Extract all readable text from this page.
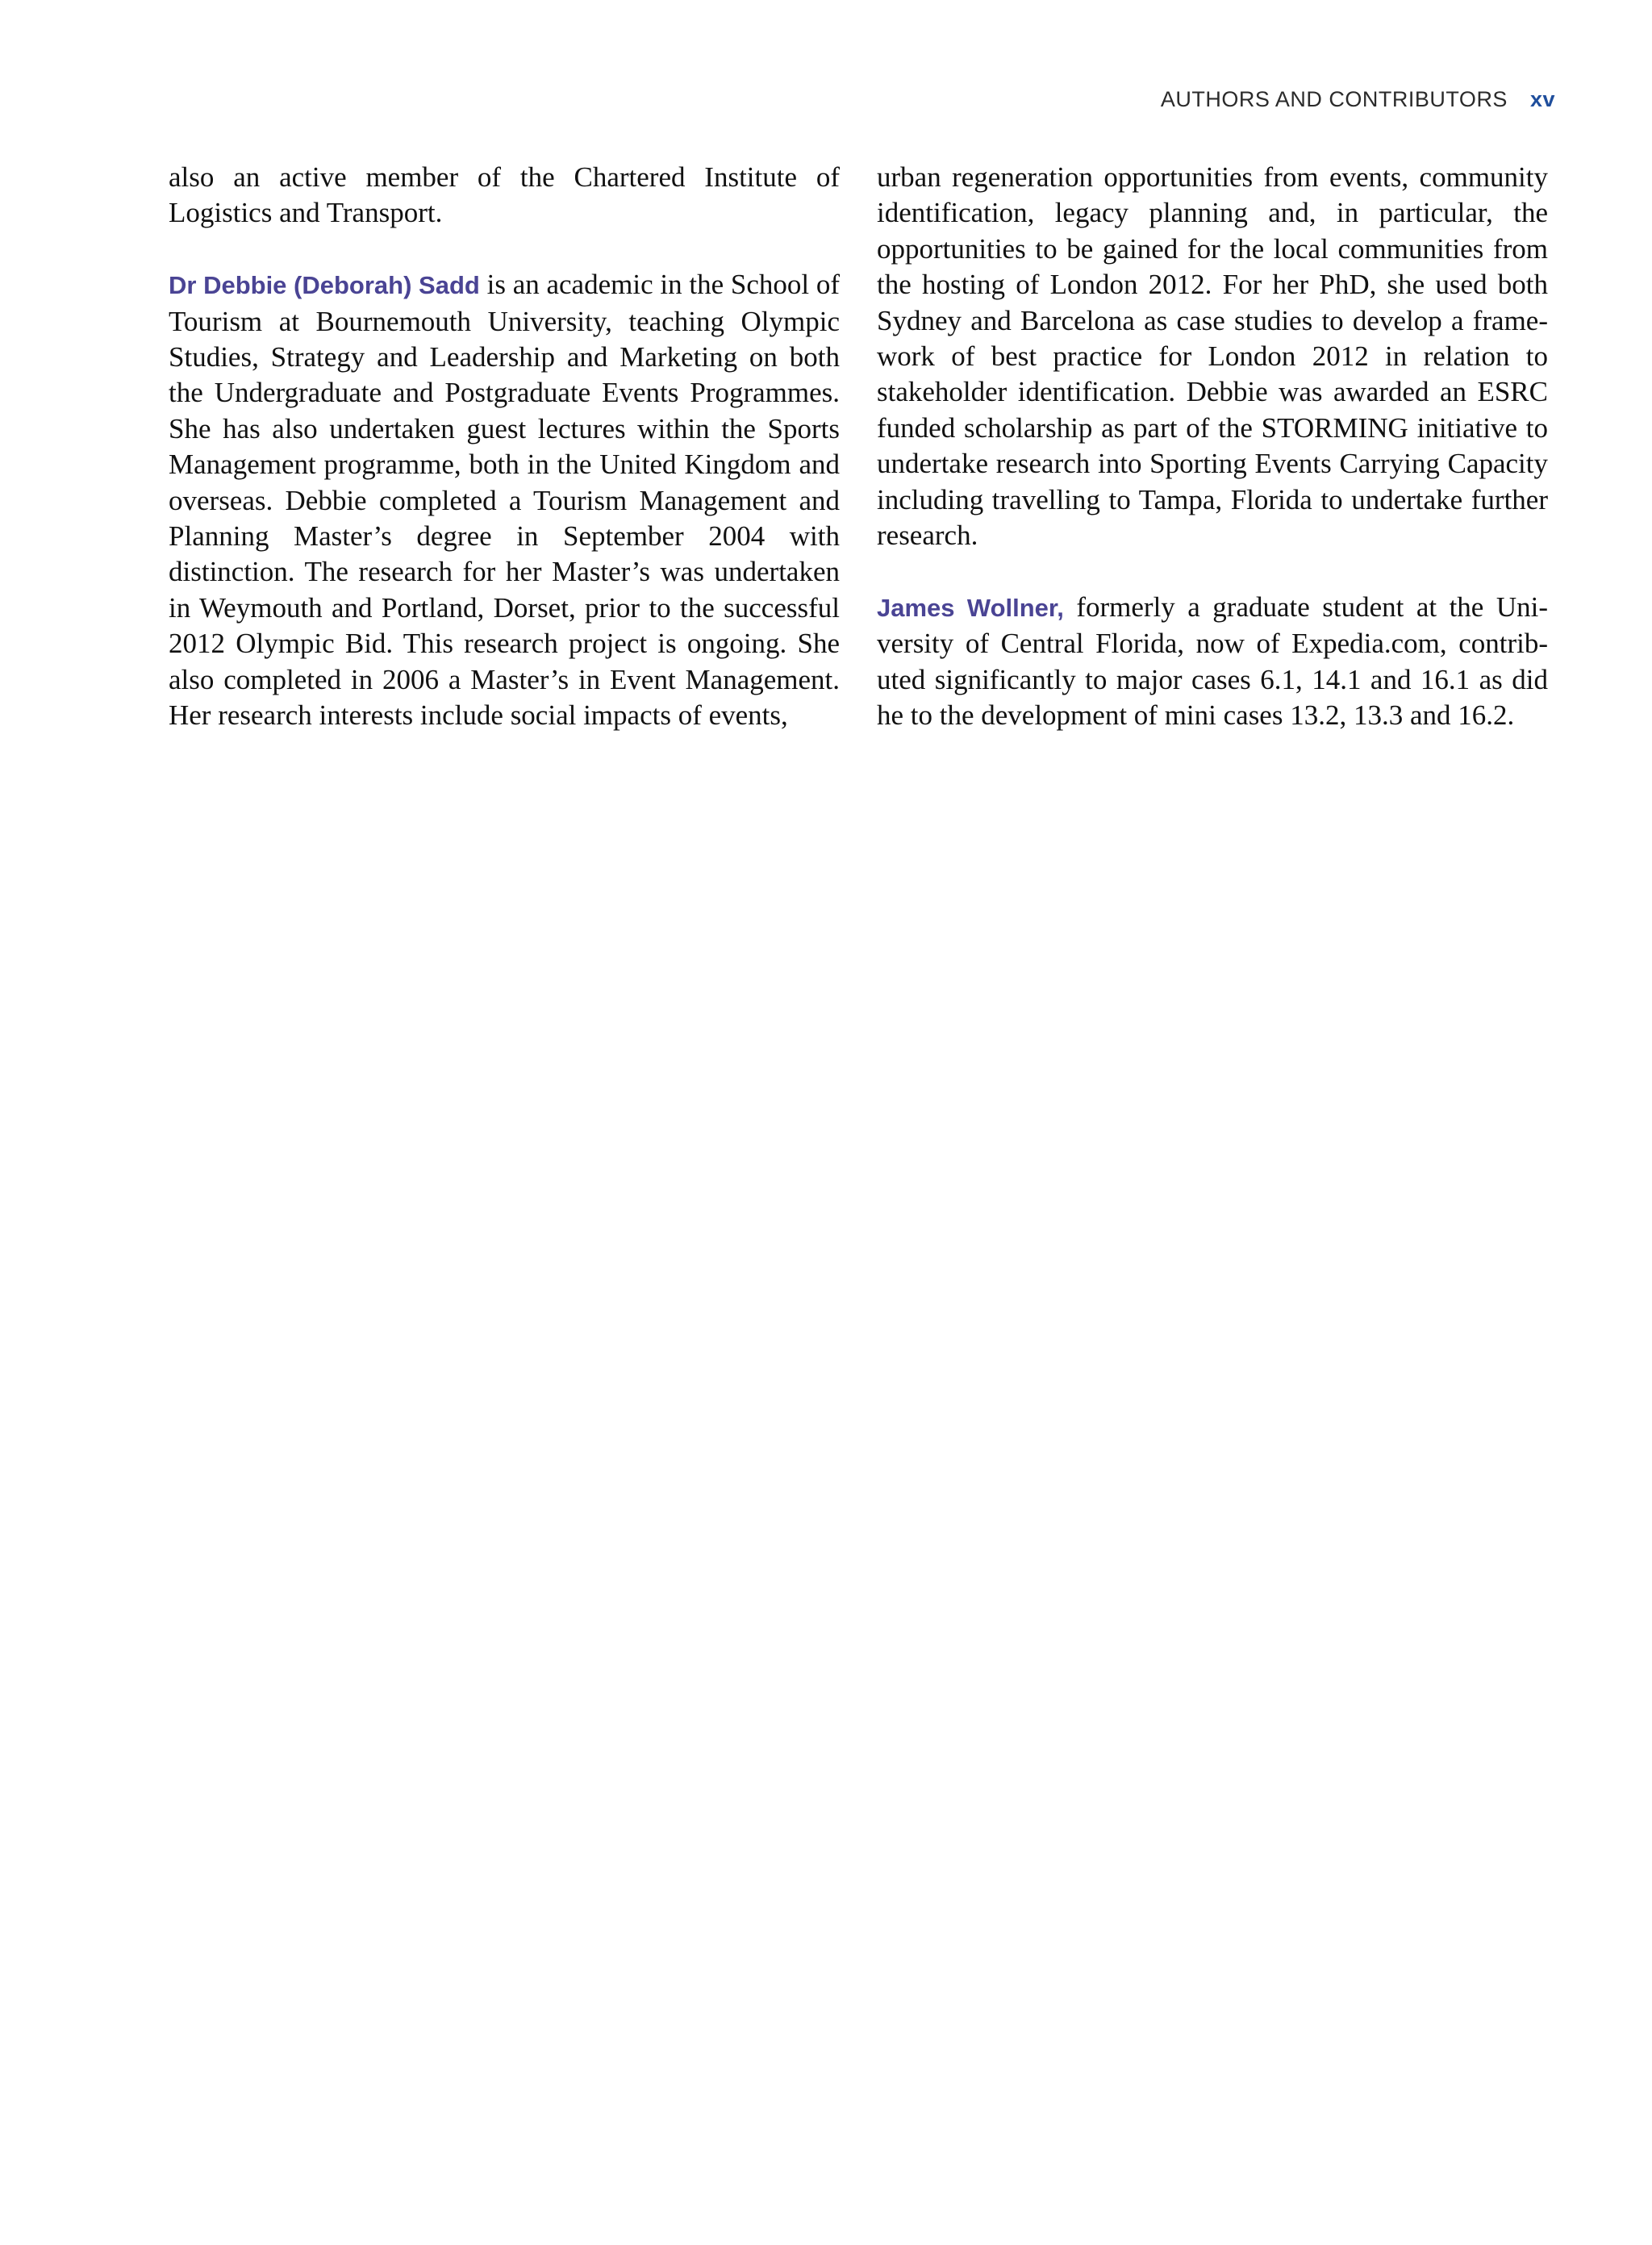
AUTHORS AND CONTRIBUTORS xv

also an active member of the Chartered Institute of Logistics and Transport.

Dr Debbie (Deborah) Sadd is an academic in the School of Tourism at Bournemouth University, teaching Olympic Studies, Strategy and Leadership and Marketing on both the Undergraduate and Postgraduate Events Programmes. She has also undertaken guest lectures within the Sports Management programme, both in the United Kingdom and overseas. Debbie completed a Tourism Management and Planning Master’s degree in September 2004 with distinction. The research for her Master’s was undertaken in Weymouth and Portland, Dorset, prior to the successful 2012 Olympic Bid. This research project is ongoing. She also completed in 2006 a Master’s in Event Management. Her research interests include social impacts of events,

urban regeneration opportunities from events, community identification, legacy planning and, in particular, the opportunities to be gained for the local communities from the hosting of London 2012. For her PhD, she used both Sydney and Barcelona as case studies to develop a framework of best practice for London 2012 in relation to stakeholder identification. Debbie was awarded an ESRC funded scholarship as part of the STORMING initiative to undertake research into Sporting Events Carrying Capacity including travelling to Tampa, Florida to undertake further research.

James Wollner, formerly a graduate student at the University of Central Florida, now of Expedia.com, contributed significantly to major cases 6.1, 14.1 and 16.1 as did he to the development of mini cases 13.2, 13.3 and 16.2.
